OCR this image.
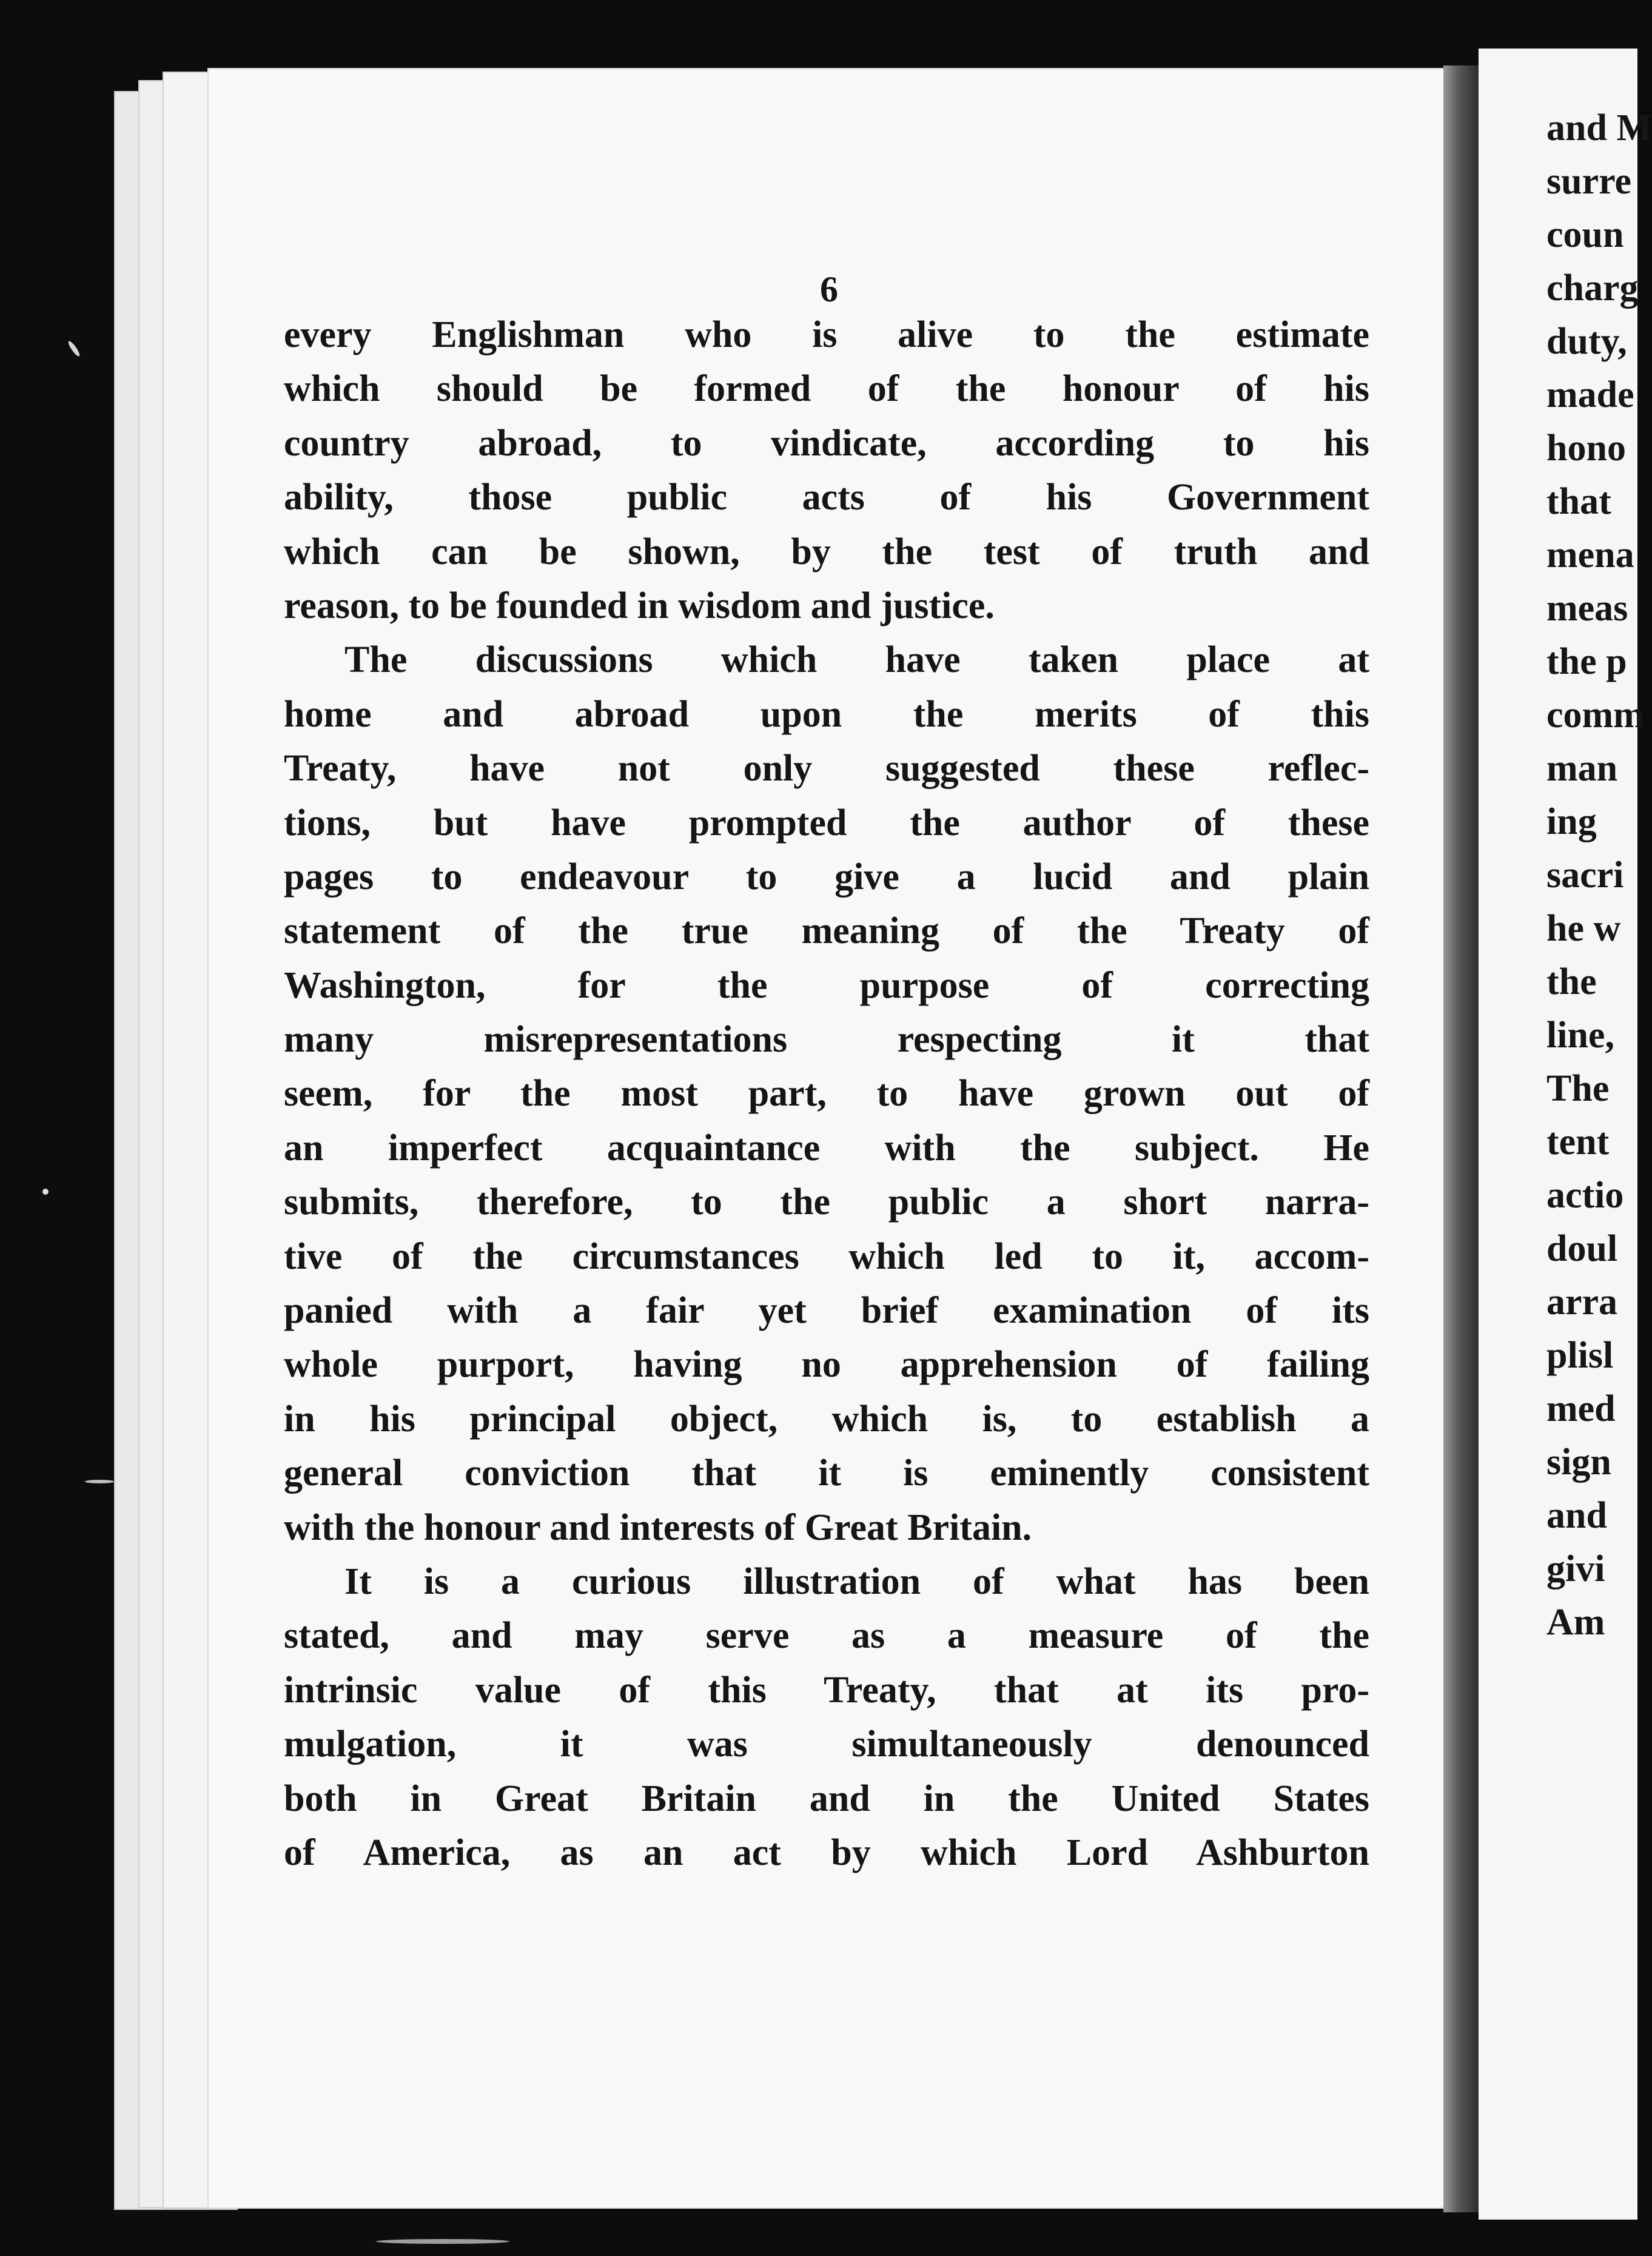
6

and M
surre
coun
charg
duty,
made
hono
that
mena
meas
the p
comm
man
ing
sacri
he w
the
line,
The
tent
actio
doul
arra
plisl
med
sign
and
givi
Am
every Englishman who is alive to the estimate
which should be formed of the honour of his
country abroad, to vindicate, according to his
ability, those public acts of his Government
which can be shown, by the test of truth and
reason, to be founded in wisdom and justice.
The discussions which have taken place at
home and abroad upon the merits of this
Treaty, have not only suggested these reflec-
tions, but have prompted the author of these
pages to endeavour to give a lucid and plain
statement of the true meaning of the Treaty of
Washington, for the purpose of correcting
many misrepresentations respecting it that
seem, for the most part, to have grown out of
an imperfect acquaintance with the subject. He
submits, therefore, to the public a short narra-
tive of the circumstances which led to it, accom-
panied with a fair yet brief examination of its
whole purport, having no apprehension of failing
in his principal object, which is, to establish a
general conviction that it is eminently consistent
with the honour and interests of Great Britain.
It is a curious illustration of what has been
stated, and may serve as a measure of the
intrinsic value of this Treaty, that at its pro-
mulgation, it was simultaneously denounced
both in Great Britain and in the United States
of America, as an act by which Lord Ashburton
